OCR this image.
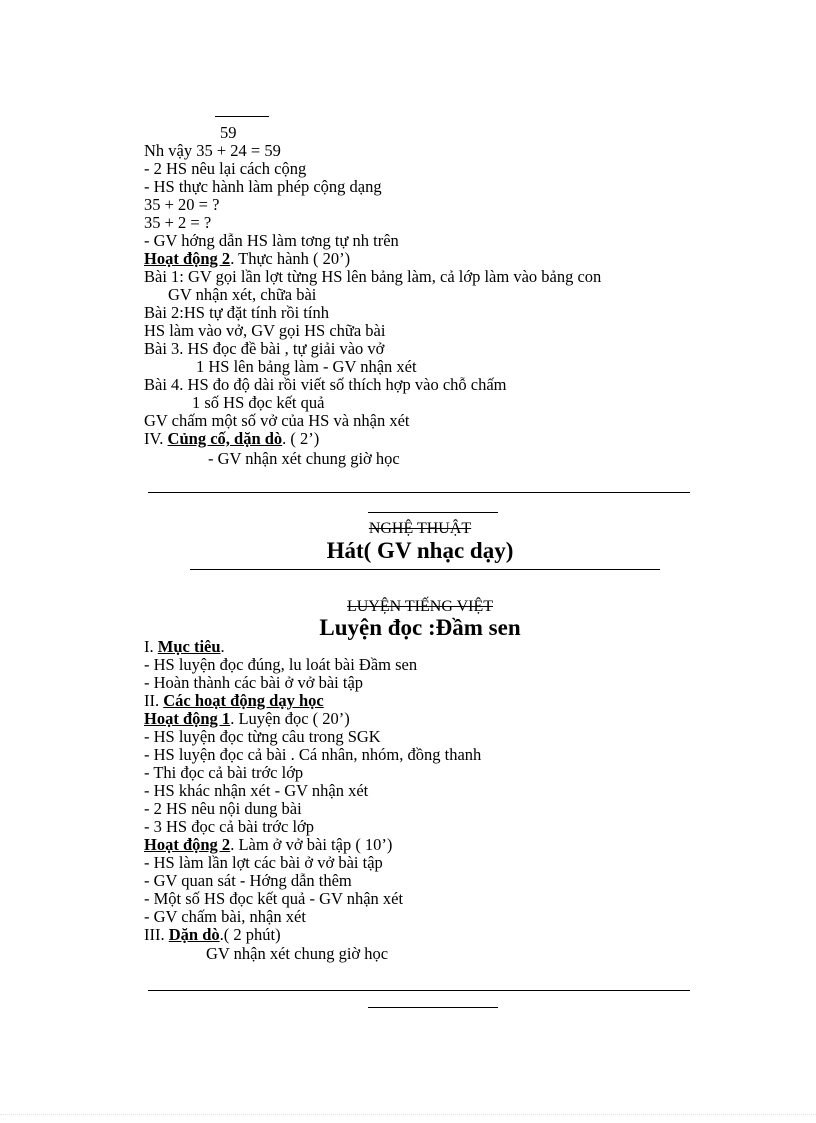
59
Nh vậy 35 + 24 = 59
- 2 HS nêu lại cách cộng
- HS thực hành làm phép cộng dạng
35 + 20 = ?
35 + 2 = ?
- GV hớng dẫn HS làm tơng tự nh trên
Hoạt động 2. Thực hành ( 20’)
Bài 1: GV gọi lần lợt từng HS lên bảng làm, cả lớp làm vào bảng con
GV nhận xét, chữa bài
Bài 2:HS tự đặt tính rồi tính
HS làm vào vở, GV gọi HS chữa bài
Bài 3. HS đọc đề bài , tự giải vào vở
1 HS lên bảng làm - GV nhận xét
Bài 4. HS đo độ dài rồi viết số thích hợp vào chỗ chấm
1 số HS đọc kết quả
GV chấm một số vở của HS và nhận xét
IV. Củng cố, dặn dò. ( 2’)
- GV nhận xét chung giờ học
NGHỆ THUẬT
Hát( GV nhạc dạy)
LUYỆN TIẾNG VIỆT
Luyện đọc :Đầm sen
I. Mục tiêu.
- HS luyện đọc đúng, lu loát bài Đầm sen
- Hoàn thành các bài ở vở bài tập
II. Các hoạt động dạy học
Hoạt động 1. Luyện đọc ( 20’)
- HS luyện đọc từng câu trong SGK
- HS luyện đọc cả bài . Cá nhân, nhóm, đồng thanh
- Thi đọc cả bài trớc lớp
- HS khác nhận xét - GV nhận xét
- 2 HS nêu nội dung bài
- 3 HS đọc cả bài trớc lớp
Hoạt động 2. Làm ở vở bài tập ( 10’)
- HS làm lần lợt các bài ở vở bài tập
- GV quan sát - Hớng dẫn thêm
- Một số HS đọc kết quả - GV nhận xét
- GV chấm bài, nhận xét
III. Dặn dò.( 2 phút)
GV nhận xét chung giờ học
